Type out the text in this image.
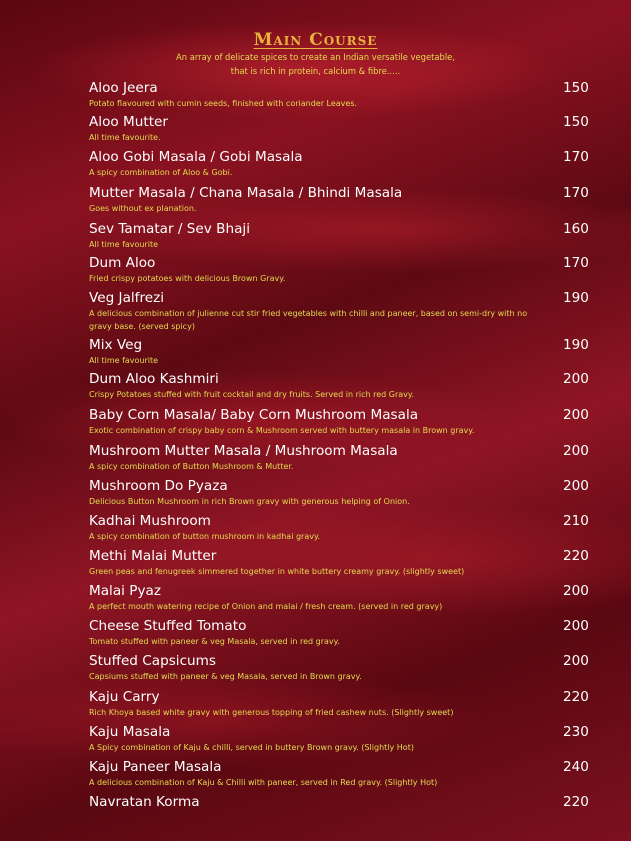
Main Course
An array of delicate spices to create an Indian versatile vegetable,
that is rich in protein, calcium & fibre.....
Aloo Jeera
Potato flavoured with cumin seeds, finished with coriander Leaves.
150
Aloo Mutter
All time favourite.
150
Aloo Gobi Masala / Gobi Masala
A spicy combination of Aloo & Gobi.
170
Mutter Masala / Chana Masala / Bhindi Masala
Goes without ex planation.
170
Sev Tamatar / Sev Bhaji
All time favourite
160
Dum Aloo
Fried crispy potatoes with delicious Brown Gravy.
170
Veg Jalfrezi
A delicious combination of julienne cut stir fried vegetables with chilli and paneer, based on semi-dry with no gravy base. (served spicy)
190
Mix Veg
All time favourite
190
Dum Aloo Kashmiri
Crispy Potatoes stuffed with fruit cocktail and dry fruits. Served in rich red Gravy.
200
Baby Corn Masala/ Baby Corn Mushroom Masala
Exotic combination of crispy baby corn & Mushroom served with buttery masala in Brown gravy.
200
Mushroom Mutter Masala / Mushroom Masala
A spicy combination of Button Mushroom & Mutter.
200
Mushroom Do Pyaza
Delicious Button Mushroom in rich Brown gravy with generous helping of Onion.
200
Kadhai Mushroom
A spicy combination of button mushroom in kadhai gravy.
210
Methi Malai Mutter
Green peas and fenugreek simmered together in white buttery creamy gravy. (slightly sweet)
220
Malai Pyaz
A perfect mouth watering recipe of Onion and malai / fresh cream. (served in red gravy)
200
Cheese Stuffed Tomato
Tomato stuffed with paneer & veg Masala, served in red gravy.
200
Stuffed Capsicums
Capsiums stuffed with paneer & veg Masala, served in Brown gravy.
200
Kaju Carry
Rich Khoya based white gravy with generous topping of fried cashew nuts. (Slightly sweet)
220
Kaju Masala
A Spicy combination of Kaju & chilli, served in buttery Brown gravy. (Slightly Hot)
230
Kaju Paneer Masala
A delicious combination of Kaju & Chilli with paneer, served in Red gravy. (Slightly Hot)
240
Navratan Korma	220
